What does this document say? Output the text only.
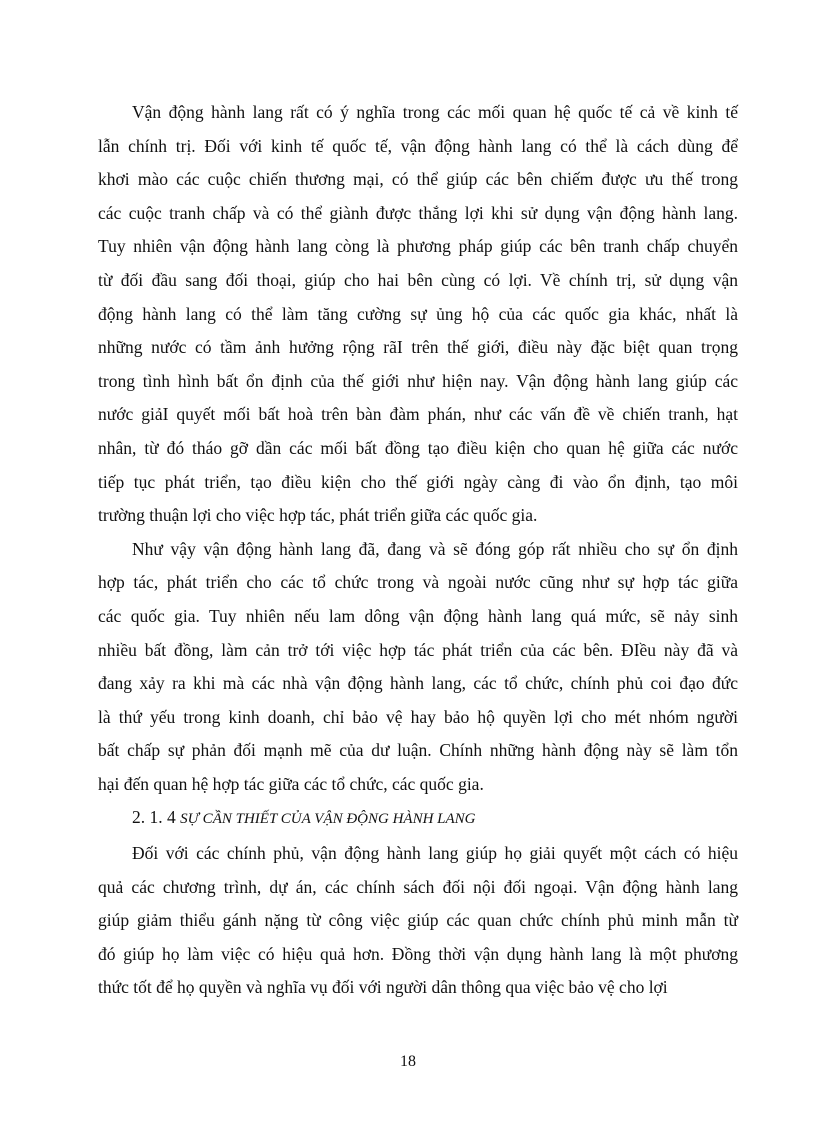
Vận động hành lang rất có ý nghĩa trong các mối quan hệ quốc tế cả về kinh tế
lẫn chính trị. Đối với kinh tế quốc tế, vận động hành lang có thể là cách dùng để
khơi mào các cuộc chiến thương mại, có thể giúp các bên chiếm được ưu thế trong
các cuộc tranh chấp và có thể giành được thắng lợi khi sử dụng vận động hành lang.
Tuy nhiên vận động hành lang còng là phương pháp giúp các bên tranh chấp chuyển
từ đối đầu sang đối thoại, giúp cho hai bên cùng có lợi. Về chính trị, sử dụng vận
động hành lang có thể làm tăng cường sự ủng hộ của các quốc gia khác, nhất là
những nước có tầm ảnh hưởng rộng rãI trên thế giới, điều này đặc biệt quan trọng
trong tình hình bất ổn định của thế giới như hiện nay. Vận động hành lang giúp các
nước giảI quyết mối bất hoà trên bàn đàm phán, như các vấn đề về chiến tranh, hạt
nhân, từ đó tháo gỡ dần các mối bất đồng tạo điều kiện cho quan hệ giữa các nước
tiếp tục phát triển, tạo điều kiện cho thế giới ngày càng đi vào ổn định, tạo môi
trường thuận lợi cho việc hợp tác, phát triển giữa các quốc gia.
Như vậy vận động hành lang đã, đang và sẽ đóng góp rất nhiều cho sự ổn định
hợp tác, phát triển cho các tổ chức trong và ngoài nước cũng như sự hợp tác giữa
các quốc gia. Tuy nhiên nếu lam dông vận động hành lang quá mức, sẽ nảy sinh
nhiều bất đồng, làm cản trở tới việc hợp tác phát triển của các bên. ĐIều này đã và
đang xảy ra khi mà các nhà vận động hành lang, các tổ chức, chính phủ coi đạo đức
là thứ yếu trong kinh doanh, chỉ bảo vệ hay bảo hộ quyền lợi cho mét nhóm người
bất chấp sự phản đối mạnh mẽ của dư luận. Chính những hành động này sẽ làm tổn
hại đến quan hệ hợp tác giữa các tổ chức, các quốc gia.
2. 1. 4 SỰ CẦN THIẾT CỦA VẬN ĐỘNG HÀNH LANG
Đối với các chính phủ, vận động hành lang giúp họ giải quyết một cách có hiệu
quả các chương trình, dự án, các chính sách đối nội đối ngoại. Vận động hành lang
giúp giảm thiểu gánh nặng từ công việc giúp các quan chức chính phủ minh mẫn từ
đó giúp họ làm việc có hiệu quả hơn. Đồng thời vận dụng hành lang là một phương
thức tốt để họ quyền và nghĩa vụ đối với người dân thông qua việc bảo vệ cho lợi
18
